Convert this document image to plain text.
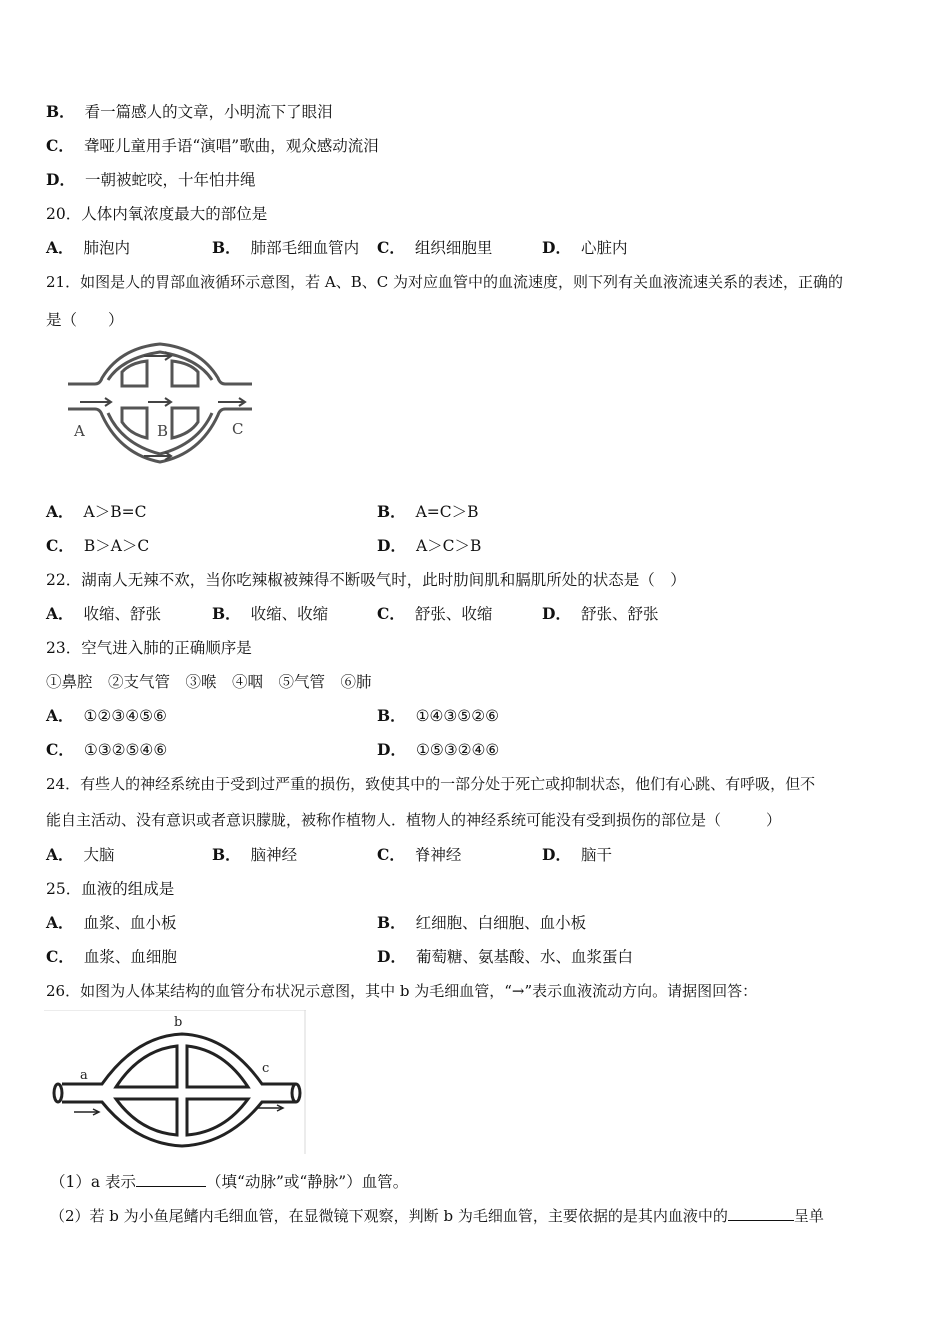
B． 看一篇感人的文章，小明流下了眼泪
C． 聋哑儿童用手语“演唱”歌曲，观众感动流泪
D． 一朝被蛇咬，十年怕井绳
20．人体内氧浓度最大的部位是
A． 肺泡内	B． 肺部毛细血管内 C． 组织细胞里	D． 心脏内
21．如图是人的胃部血液循环示意图，若 A、B、C 为对应血管中的血流速度，则下列有关血液流速关系的表述，正确的
是（　　）
A	B	C
A． A＞B=C	B． A=C＞B
C． B＞A＞C	D． A＞C＞B
22．湖南人无辣不欢，当你吃辣椒被辣得不断吸气时，此时肋间肌和膈肌所处的状态是（　）
A． 收缩、舒张	B． 收缩、收缩	C． 舒张、收缩	D． 舒张、舒张
23．空气进入肺的正确顺序是
①鼻腔　②支气管　③喉　④咽　⑤气管　⑥肺
A． ①②③④⑤⑥	B． ①④③⑤②⑥
C． ①③②⑤④⑥	D． ①⑤③②④⑥
24．有些人的神经系统由于受到过严重的损伤，致使其中的一部分处于死亡或抑制状态，他们有心跳、有呼吸，但不
能自主活动、没有意识或者意识朦胧，被称作植物人．植物人的神经系统可能没有受到损伤的部位是（　　　）
A． 大脑	B． 脑神经	C． 脊神经	D． 脑干
25．血液的组成是
A． 血浆、血小板	B． 红细胞、白细胞、血小板
C． 血浆、血细胞	D． 葡萄糖、氨基酸、水、血浆蛋白
26．如图为人体某结构的血管分布状况示意图，其中 b 为毛细血管，“→”表示血液流动方向。请据图回答：
a
b
c
（1）a 表示	（填“动脉”或“静脉”）血管。
（2）若 b 为小鱼尾鳍内毛细血管，在显微镜下观察，判断 b 为毛细血管，主要依据的是其内血液中的	呈单
